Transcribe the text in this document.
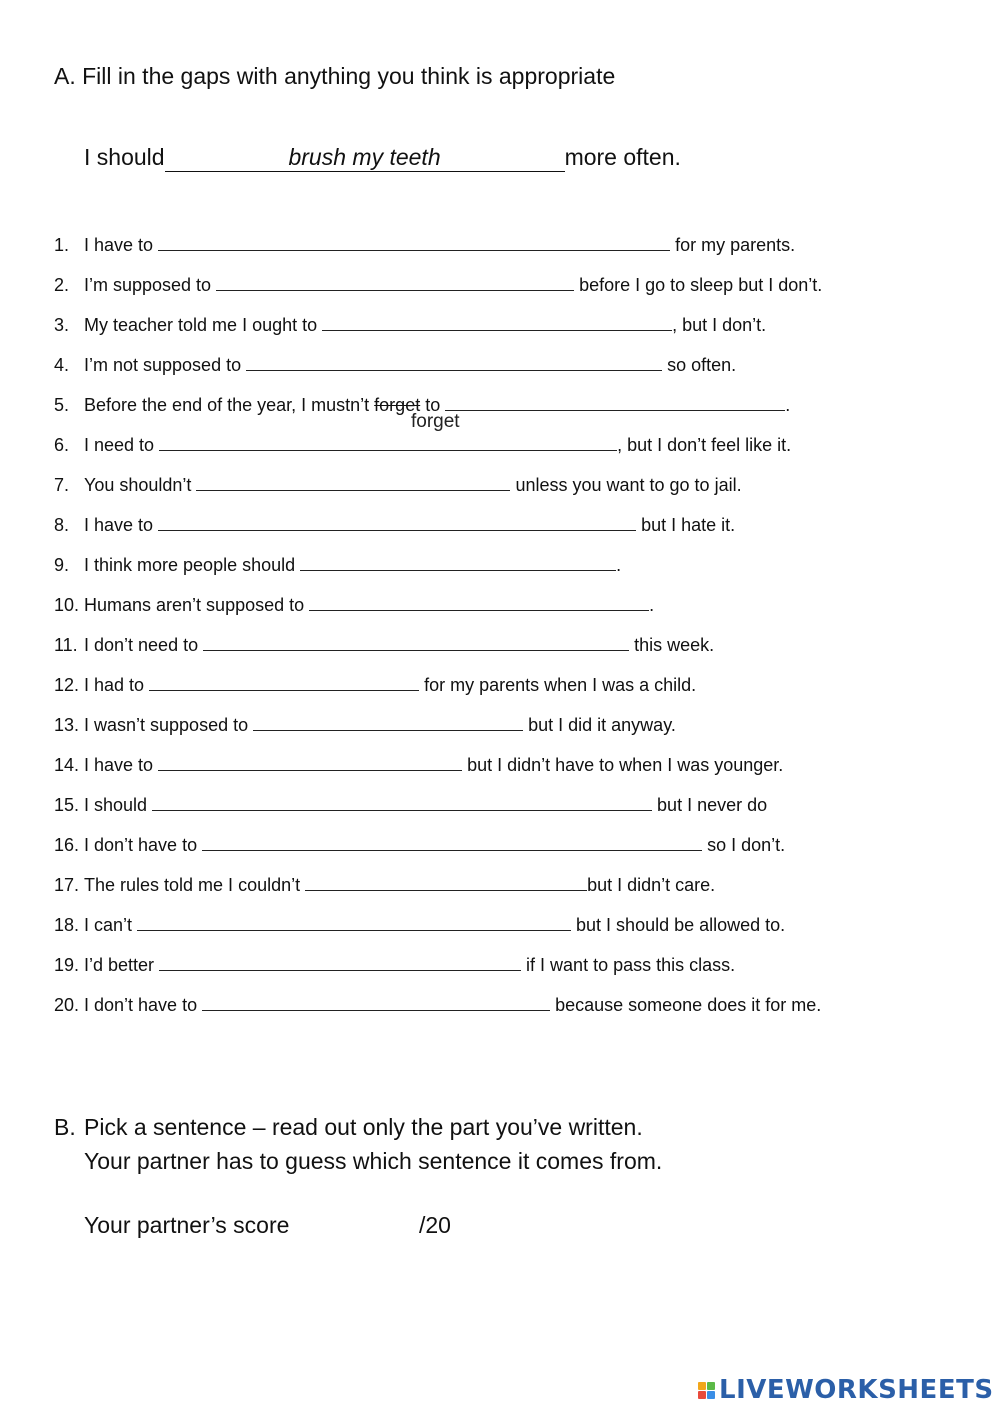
A. Fill in the gaps with anything you think is appropriate
I should	brush my teeth	more often.
1. I have to	for my parents.
2. I’m supposed to	before I go to sleep but I don’t.
3. My teacher told me I ought to	, but I don’t.
4. I’m not supposed to	so often.
5. Before the end of the year, I mustn’t forget to	.
forget
6. I need to	, but I don’t feel like it.
7. You shouldn’t	unless you want to go to jail.
8. I have to	but I hate it.
9. I think more people should	.
10. Humans aren’t supposed to	.
11. I don’t need to	this week.
12. I had to	for my parents when I was a child.
13. I wasn’t supposed to	but I did it anyway.
14. I have to	but I didn’t have to when I was younger.
15. I should	but I never do
16. I don’t have to	so I don’t.
17. The rules told me I couldn’t	but I didn’t care.
18. I can’t	but I should be allowed to.
19. I’d better	if I want to pass this class.
20. I don’t have to	because someone does it for me.
B. Pick a sentence – read out only the part you’ve written.
Your partner has to guess which sentence it comes from.
Your partner’s score	/20
LIVEWORKSHEETS
